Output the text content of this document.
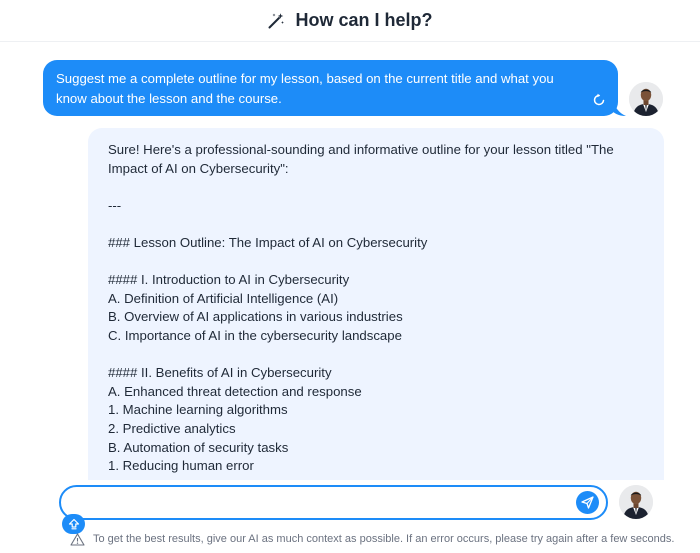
How can I help?
Suggest me a complete outline for my lesson, based on the current title and what you know about the lesson and the course.

Sure! Here's a professional-sounding and informative outline for your lesson titled "The Impact of AI on Cybersecurity":

---

### Lesson Outline: The Impact of AI on Cybersecurity

#### I. Introduction to AI in Cybersecurity

A. Definition of Artificial Intelligence (AI)

B. Overview of AI applications in various industries

C. Importance of AI in the cybersecurity landscape

#### II. Benefits of AI in Cybersecurity

A. Enhanced threat detection and response

1. Machine learning algorithms

2. Predictive analytics

B. Automation of security tasks

1. Reducing human error

To get the best results, give our AI as much context as possible. If an error occurs, please try again after a few seconds.
